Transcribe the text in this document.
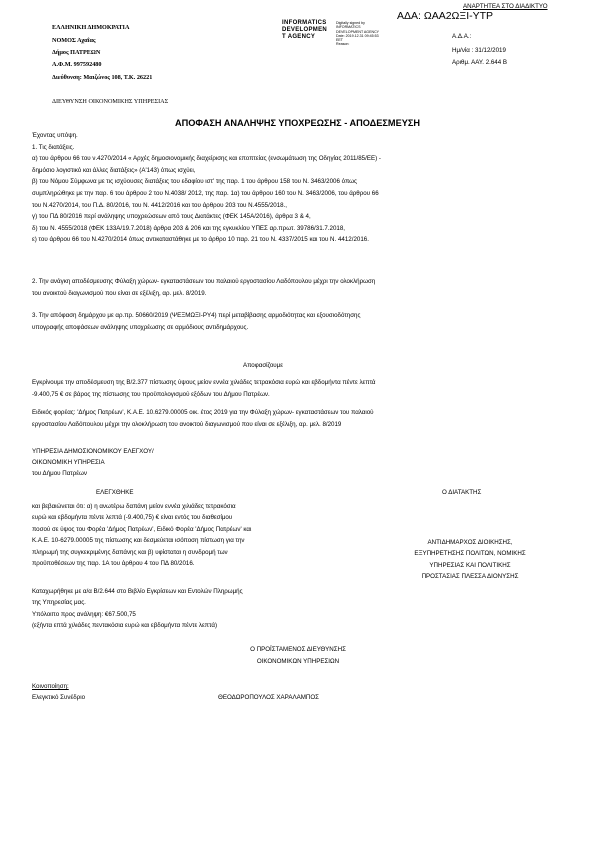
ΑΝΑΡΤΗΤΕΑ ΣΤΟ ΔΙΑΔΙΚΤΥΟ
ΑΔΑ: ΩΑΑ2ΩΞΙ-ΥΤΡ
Α.Δ.Α.:
Ημ/νία : 31/12/2019
Αριθμ. ΑΑΥ. 2.644 Β
INFORMATICS
DEVELOPMEN
T AGENCY
Digitally signed by
INFORMATICS
DEVELOPMENT AGENCY
Date: 2019.12.31 09:45:53
EET
Reason:
ΕΛΛΗΝΙΚΗ ΔΗΜΟΚΡΑΤΙΑ
ΝΟΜΟΣ Αχαΐας
Δήμος ΠΑΤΡΕΩΝ
Α.Φ.Μ. 997592480
Διεύθυνση: Μαιζώνος 108, Τ.Κ. 26221
ΔΙΕΥΘΥΝΣΗ ΟΙΚΟΝΟΜΙΚΗΣ ΥΠΗΡΕΣΙΑΣ
ΑΠΟΦΑΣΗ ΑΝΑΛΗΨΗΣ ΥΠΟΧΡΕΩΣΗΣ - ΑΠΟΔΕΣΜΕΥΣΗ
Έχοντας υπόψη.
1. Τις διατάξεις.
α) του άρθρου 66 του ν.4270/2014 « Αρχές δημοσιονομικής διαχείρισης και εποπτείας (ενσωμάτωση της Οδηγίας 2011/85/ΕΕ) -
δημόσιο λογιστικό και άλλες διατάξεις» (Α'143) όπως ισχύει,
β) του Νόμου Σύμφωνα με τις ισχύουσες διατάξεις του εδαφίου ιστ' της παρ. 1 του άρθρου 158 του Ν. 3463/2006 όπως
συμπληρώθηκε με την παρ. 6 του άρθρου 2 του Ν.4038/ 2012, της παρ. 1α) του άρθρου 160 του Ν. 3463/2006, του άρθρου 66
του Ν.4270/2014, του Π.Δ. 80/2016, του Ν. 4412/2016 και του άρθρου 203 του Ν.4555/2018.,
γ) του ΠΔ 80/2016 περί ανάληψης υποχρεώσεων από τους Διατάκτες (ΦΕΚ 145Α/2016), άρθρα 3 & 4,
δ) του Ν. 4555/2018 (ΦΕΚ 133Α/19.7.2018) άρθρα 203 & 206 και της εγκυκλίου ΥΠΕΣ αρ.πρωτ. 39786/31.7.2018,
ε) του άρθρου 66 του Ν.4270/2014 όπως αντικαταστάθηκε με το άρθρο 10 παρ. 21 του Ν. 4337/2015 και του Ν. 4412/2016.
2. Την ανάγκη αποδέσμευσης Φύλαξη χώρων- εγκαταστάσεων του παλαιού εργοστασίου Λαδόπουλου μέχρι την ολοκλήρωση
του ανοικτού διαγωνισμού που είναι σε εξέλιξη, αρ. μελ. 8/2019.
3. Την απόφαση δημάρχου με αρ.πρ. 50660/2019 (ΨΕΞΜΩΞΙ-ΡΥ4) περί μεταβίβασης αρμοδιότητας και εξουσιοδότησης
υπογραφής αποφάσεων ανάληψης υποχρέωσης σε αρμόδιους αντιδημάρχους.
Αποφασίζουμε
Εγκρίνουμε την αποδέσμευση της Β/2.377 πίστωσης ύψους μείον εννέα χιλιάδες τετρακόσια ευρώ και εβδομήντα πέντε λεπτά
-9.400,75 € σε βάρος της πίστωσης του προϋπολογισμού εξόδων του Δήμου Πατρέων.
Ειδικός φορέας: 'Δήμος Πατρέων', Κ.Α.Ε. 10.6279.00005 οικ. έτος 2019 για την Φύλαξη χώρων- εγκαταστάσεων του παλαιού
εργοστασίου Λαδόπουλου μέχρι την ολοκλήρωση του ανοικτού διαγωνισμού που είναι σε εξέλιξη, αρ. μελ. 8/2019
ΥΠΗΡΕΣΙΑ ΔΗΜΟΣΙΟΝΟΜΙΚΟΥ ΕΛΕΓΧΟΥ/
ΟΙΚΟΝΟΜΙΚΗ ΥΠΗΡΕΣΙΑ
του Δήμου Πατρέων
ΕΛΕΓΧΘΗΚΕ	Ο ΔΙΑΤΑΚΤΗΣ
και βεβαιώνεται ότι: α) η ανωτέρω δαπάνη μείον εννέα χιλιάδες τετρακόσια
ευρώ και εβδομήντα πέντε λεπτά (-9.400,75) € είναι εντός του διαθεσίμου
ποσού σε ύψος του Φορέα 'Δήμος Πατρέων', Ειδικό Φορέα 'Δήμος Πατρέων' και
Κ.Α.Ε. 10-6279.00005 της πίστωσης και δεσμεύεται ισόποση πίστωση για την
πληρωμή της συγκεκριμένης δαπάνης και β) υφίσταται η συνδρομή των
προϋποθέσεων της παρ. 1Α του άρθρου 4 του ΠΔ 80/2016.
ΑΝΤΙΔΗΜΑΡΧΟΣ ΔΙΟΙΚΗΣΗΣ,
ΕΞΥΠΗΡΕΤΗΣΗΣ ΠΟΛΙΤΩΝ, ΝΟΜΙΚΗΣ
ΥΠΗΡΕΣΙΑΣ ΚΑΙ ΠΟΛΙΤΙΚΗΣ
ΠΡΟΣΤΑΣΙΑΣ ΠΛΕΣΣΑ ΔΙΟΝΥΣΗΣ
Καταχωρήθηκε με α/α Β/2.644 στο Βιβλίο Εγκρίσεων και Εντολών Πληρωμής
της Υπηρεσίας μας.
Υπόλοιπο προς ανάληψη: €67.500,75
(εξήντα επτά χιλιάδες πεντακόσια ευρώ και εβδομήντα πέντε λεπτά)
Ο ΠΡΟΪΣΤΑΜΕΝΟΣ ΔΙΕΥΘΥΝΣΗΣ
ΟΙΚΟΝΟΜΙΚΩΝ ΥΠΗΡΕΣΙΩΝ
Κοινοποίηση:
Ελεγκτικό Συνέδριο	ΘΕΟΔΩΡΟΠΟΥΛΟΣ ΧΑΡΑΛΑΜΠΟΣ
